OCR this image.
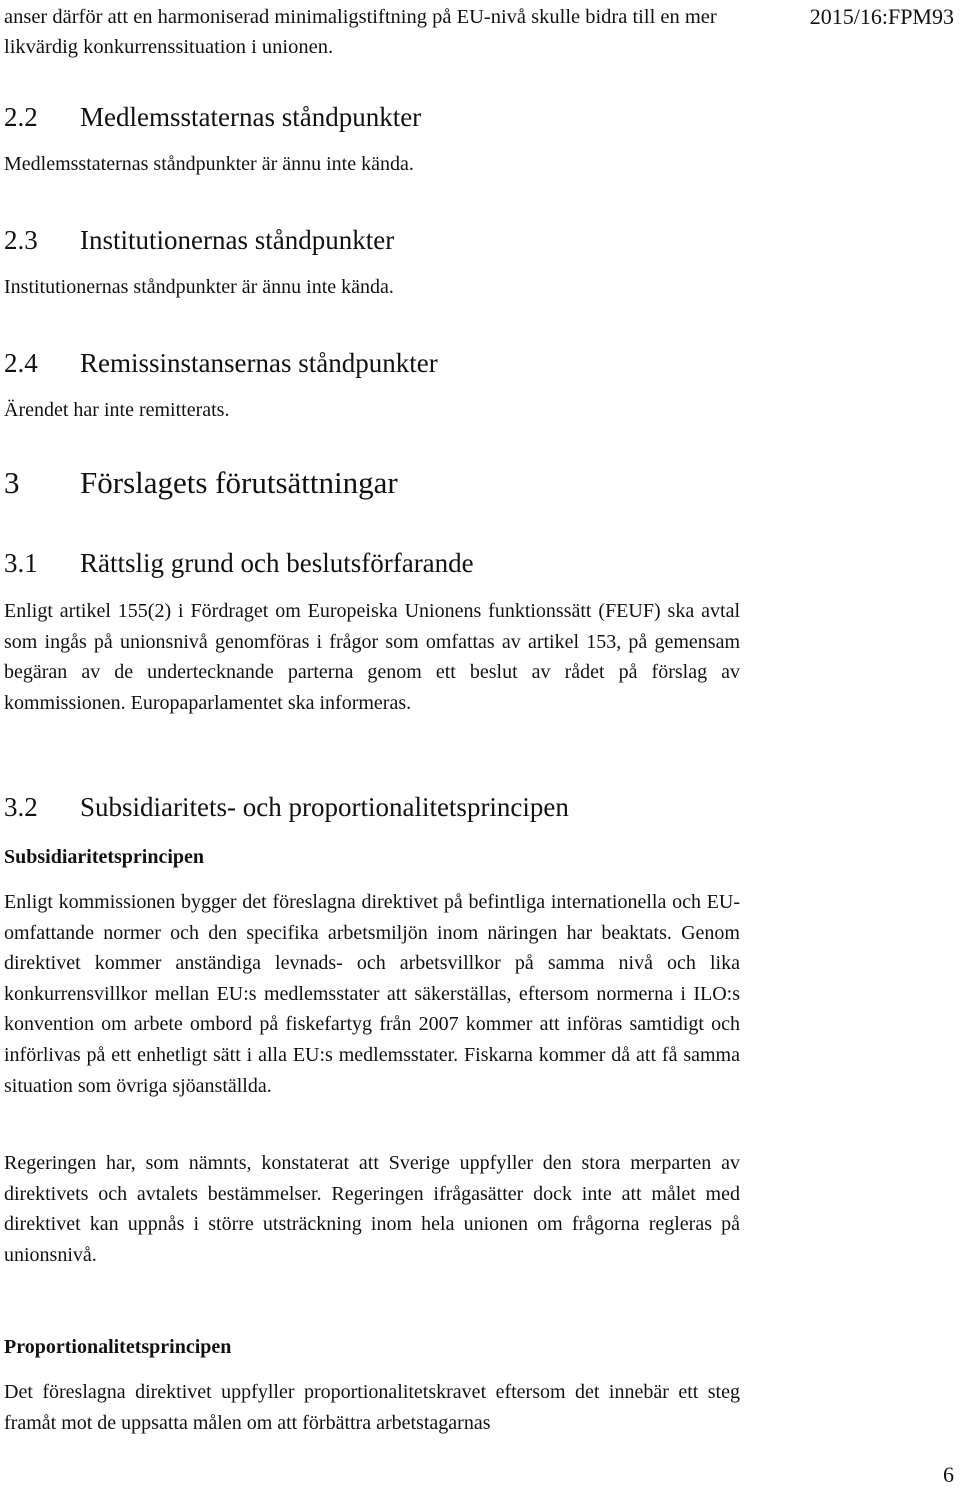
anser därför att en harmoniserad minimaligstiftning på EU-nivå skulle bidra till en mer likvärdig konkurrenssituation i unionen.
2015/16:FPM93
2.2 Medlemsstaternas ståndpunkter
Medlemsstaternas ståndpunkter är ännu inte kända.
2.3 Institutionernas ståndpunkter
Institutionernas ståndpunkter är ännu inte kända.
2.4 Remissinstansernas ståndpunkter
Ärendet har inte remitterats.
3 Förslagets förutsättningar
3.1 Rättslig grund och beslutsförfarande
Enligt artikel 155(2) i Fördraget om Europeiska Unionens funktionssätt (FEUF) ska avtal som ingås på unionsnivå genomföras i frågor som omfattas av artikel 153, på gemensam begäran av de undertecknande parterna genom ett beslut av rådet på förslag av kommissionen. Europaparlamentet ska informeras.
3.2 Subsidiaritets- och proportionalitetsprincipen
Subsidiaritetsprincipen
Enligt kommissionen bygger det föreslagna direktivet på befintliga internationella och EU-omfattande normer och den specifika arbetsmiljön inom näringen har beaktats. Genom direktivet kommer anständiga levnads- och arbetsvillkor på samma nivå och lika konkurrensvillkor mellan EU:s medlemsstater att säkerställas, eftersom normerna i ILO:s konvention om arbete ombord på fiskefartyg från 2007 kommer att införas samtidigt och införlivas på ett enhetligt sätt i alla EU:s medlemsstater. Fiskarna kommer då att få samma situation som övriga sjöanställda.
Regeringen har, som nämnts, konstaterat att Sverige uppfyller den stora merparten av direktivets och avtalets bestämmelser. Regeringen ifrågasätter dock inte att målet med direktivet kan uppnås i större utsträckning inom hela unionen om frågorna regleras på unionsnivå.
Proportionalitetsprincipen
Det föreslagna direktivet uppfyller proportionalitetskravet eftersom det innebär ett steg framåt mot de uppsatta målen om att förbättra arbetstagarnas
6
